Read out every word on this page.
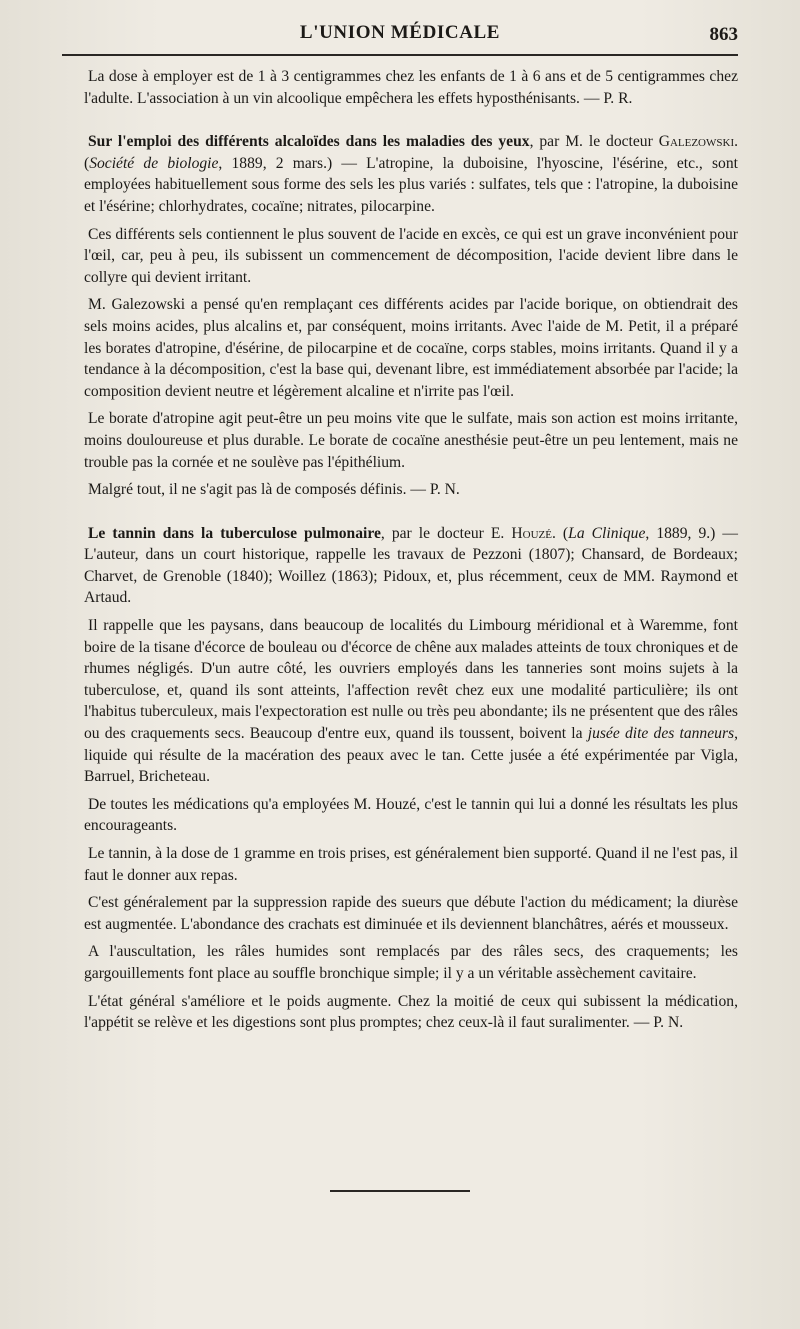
L'UNION MÉDICALE	863

La dose à employer est de 1 à 3 centigrammes chez les enfants de 1 à 6 ans et de 5 centigrammes chez l'adulte. L'association à un vin alcoolique empêchera les effets hyposthénisants. — P. R.

Sur l'emploi des différents alcaloïdes dans les maladies des yeux, par M. le docteur Galezowski. (Société de biologie, 1889, 2 mars.) — L'atropine, la duboisine, l'hyoscine, l'ésérine, etc., sont employées habituellement sous forme des sels les plus variés : sulfates, tels que : l'atropine, la duboisine et l'ésérine; chlorhydrates, cocaïne; nitrates, pilocarpine.

Ces différents sels contiennent le plus souvent de l'acide en excès, ce qui est un grave inconvénient pour l'œil, car, peu à peu, ils subissent un commencement de décomposition, l'acide devient libre dans le collyre qui devient irritant.

M. Galezowski a pensé qu'en remplaçant ces différents acides par l'acide borique, on obtiendrait des sels moins acides, plus alcalins et, par conséquent, moins irritants. Avec l'aide de M. Petit, il a préparé les borates d'atropine, d'ésérine, de pilocarpine et de cocaïne, corps stables, moins irritants. Quand il y a tendance à la décomposition, c'est la base qui, devenant libre, est immédiatement absorbée par l'acide; la composition devient neutre et légèrement alcaline et n'irrite pas l'œil.

Le borate d'atropine agit peut-être un peu moins vite que le sulfate, mais son action est moins irritante, moins douloureuse et plus durable. Le borate de cocaïne anesthésie peut-être un peu lentement, mais ne trouble pas la cornée et ne soulève pas l'épithélium.

Malgré tout, il ne s'agit pas là de composés définis. — P. N.

Le tannin dans la tuberculose pulmonaire, par le docteur E. Houzé. (La Clinique, 1889, 9.) — L'auteur, dans un court historique, rappelle les travaux de Pezzoni (1807); Chansard, de Bordeaux; Charvet, de Grenoble (1840); Woillez (1863); Pidoux, et, plus récemment, ceux de MM. Raymond et Artaud.

Il rappelle que les paysans, dans beaucoup de localités du Limbourg méridional et à Waremme, font boire de la tisane d'écorce de bouleau ou d'écorce de chêne aux malades atteints de toux chroniques et de rhumes négligés. D'un autre côté, les ouvriers employés dans les tanneries sont moins sujets à la tuberculose, et, quand ils sont atteints, l'affection revêt chez eux une modalité particulière; ils ont l'habitus tuberculeux, mais l'expectoration est nulle ou très peu abondante; ils ne présentent que des râles ou des craquements secs. Beaucoup d'entre eux, quand ils toussent, boivent la jusée dite des tanneurs, liquide qui résulte de la macération des peaux avec le tan. Cette jusée a été expérimentée par Vigla, Barruel, Bricheteau.

De toutes les médications qu'a employées M. Houzé, c'est le tannin qui lui a donné les résultats les plus encourageants.

Le tannin, à la dose de 1 gramme en trois prises, est généralement bien supporté. Quand il ne l'est pas, il faut le donner aux repas.

C'est généralement par la suppression rapide des sueurs que débute l'action du médicament; la diurèse est augmentée. L'abondance des crachats est diminuée et ils deviennent blanchâtres, aérés et mousseux.

A l'auscultation, les râles humides sont remplacés par des râles secs, des craquements; les gargouillements font place au souffle bronchique simple; il y a un véritable assèchement cavitaire.

L'état général s'améliore et le poids augmente. Chez la moitié de ceux qui subissent la médication, l'appétit se relève et les digestions sont plus promptes; chez ceux-là il faut suralimenter. — P. N.
